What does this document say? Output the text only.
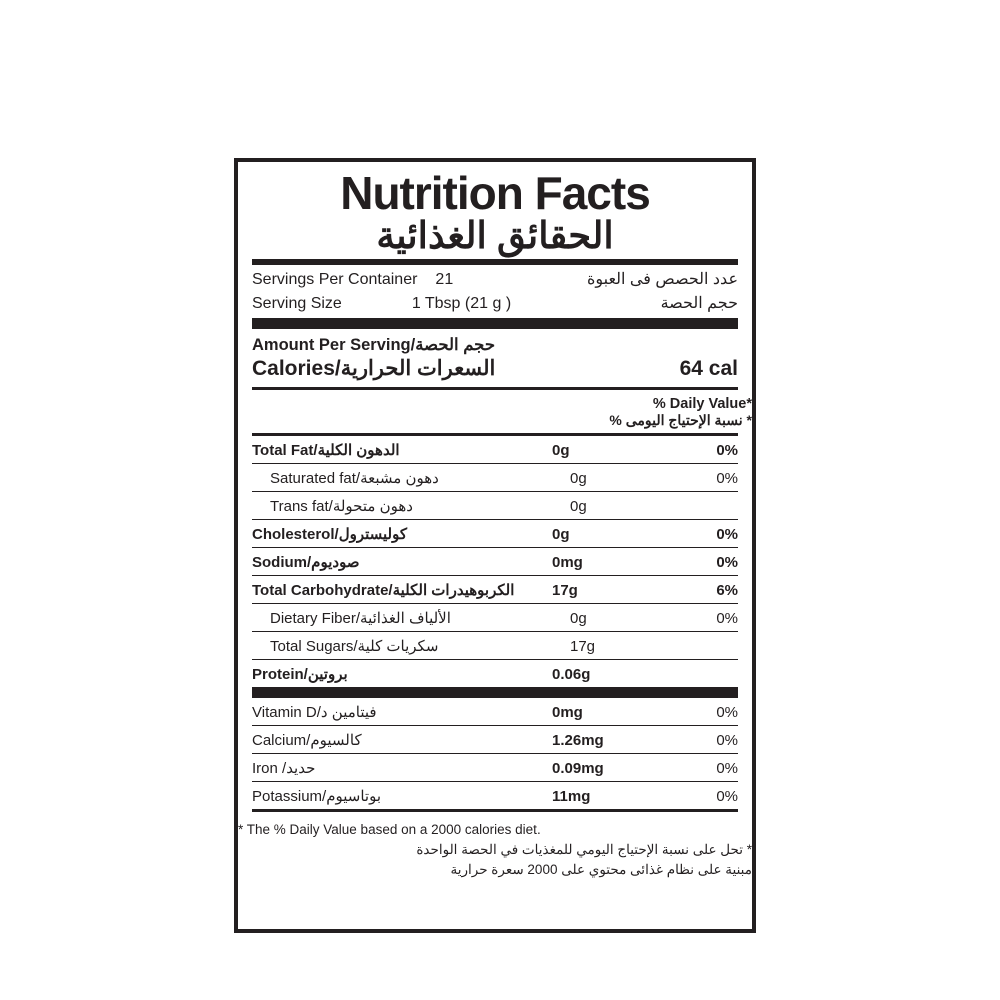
Nutrition Facts
الحقائق الغذائية
Servings Per Container 21	عدد الحصص فى العبوة
Serving Size	1 Tbsp (21 g )	حجم الحصة
Amount Per Serving/حجم الحصة
Calories/السعرات الحرارية	64 cal
% Daily Value*
* نسبة الإحتياج اليومى %
Total Fat/الدهون الكلية	0g	0%
Saturated fat/دهون مشبعة	0g	0%
Trans fat/دهون متحولة	0g
Cholesterol/كوليسترول	0g	0%
Sodium/صوديوم	0mg	0%
Total Carbohydrate/الكربوهيدرات الكلية	17g	6%
Dietary Fiber/الألياف الغذائية	0g	0%
Total Sugars/سكريات كلية	17g
Protein/بروتين	0.06g
Vitamin D/فيتامين د	0mg	0%
Calcium/كالسيوم	1.26mg	0%
Iron /حديد	0.09mg	0%
Potassium/بوتاسيوم	11mg	0%
* The % Daily Value based on a 2000 calories diet.
* تحل على نسبة الإحتياج اليومي للمغذيات في الحصة الواحدة
مبنية على نظام غذائى محتوي على 2000 سعرة حرارية
